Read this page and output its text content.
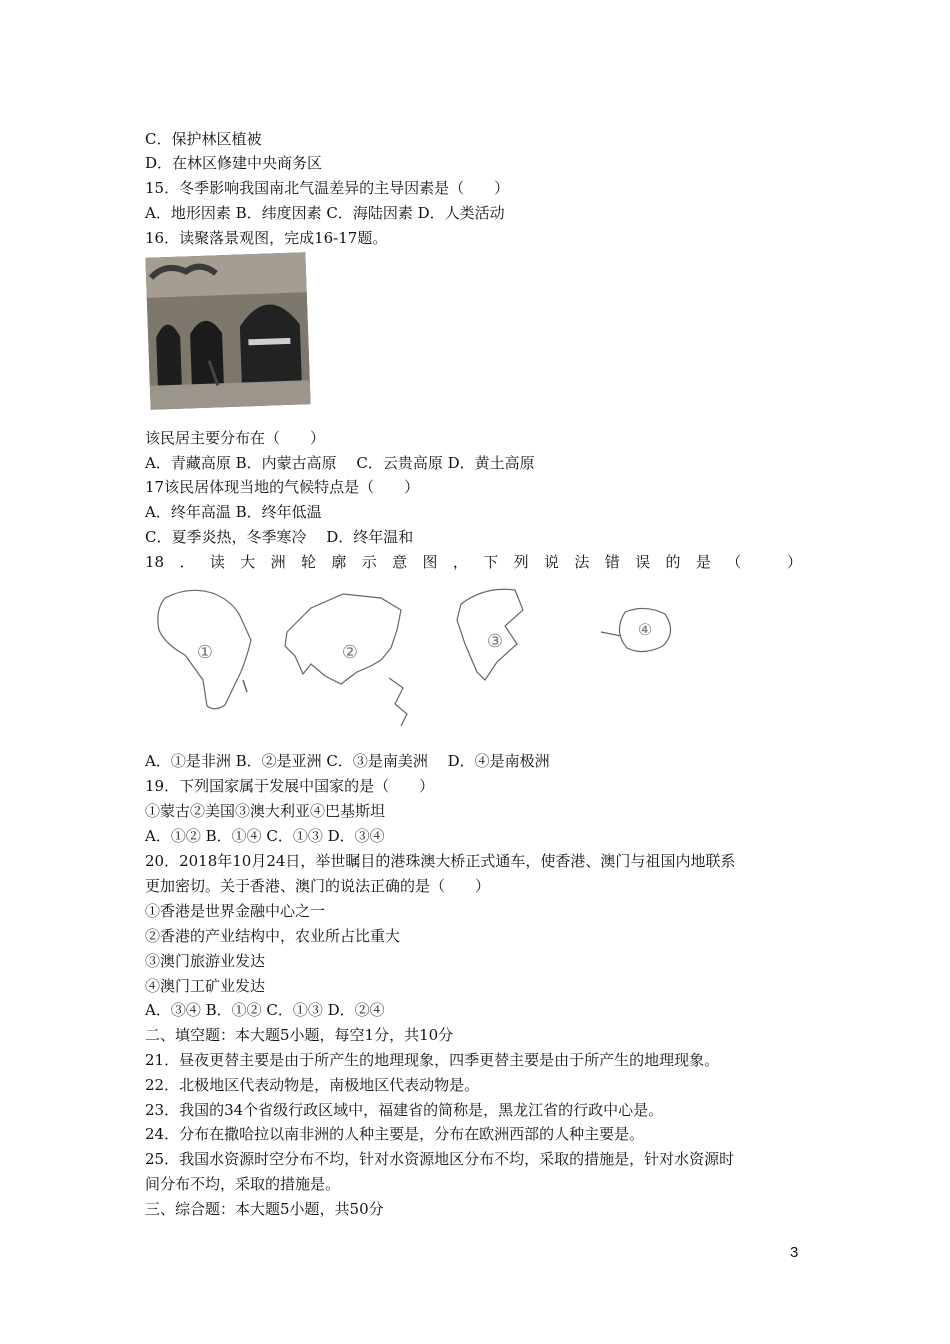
C．保护林区植被
D．在林区修建中央商务区
15．冬季影响我国南北气温差异的主导因素是（　　）
A．地形因素 B．纬度因素 C．海陆因素 D．人类活动
16．读聚落景观图，完成16-17题。
该民居主要分布在（　　）
A．青藏高原 B．内蒙古高原　 C．云贵高原 D．黄土高原
17该民居体现当地的气候特点是（　　）
A．终年高温 B．终年低温
C．夏季炎热，冬季寒冷　 D．终年温和
18 ． 读 大 洲 轮 廓 示 意 图 ， 下 列 说 法 错 误 的 是 （
　	）
①	②
③
④
A．①是非洲 B．②是亚洲 C．③是南美洲　 D．④是南极洲
19．下列国家属于发展中国家的是（　　）
①蒙古②美国③澳大利亚④巴基斯坦
A．①② B．①④ C．①③ D．③④
20．2018年10月24日，举世瞩目的港珠澳大桥正式通车，使香港、澳门与祖国内地联系
更加密切。关于香港、澳门的说法正确的是（　　）
①香港是世界金融中心之一
②香港的产业结构中，农业所占比重大
③澳门旅游业发达
④澳门工矿业发达
A．③④ B．①② C．①③ D．②④
二、填空题：本大题5小题，每空1分，共10分
21．昼夜更替主要是由于所产生的地理现象，四季更替主要是由于所产生的地理现象。
22．北极地区代表动物是，南极地区代表动物是。
23．我国的34个省级行政区域中，福建省的简称是，黑龙江省的行政中心是。
24．分布在撒哈拉以南非洲的人种主要是，分布在欧洲西部的人种主要是。
25．我国水资源时空分布不均，针对水资源地区分布不均，采取的措施是，针对水资源时
间分布不均，采取的措施是。
三、综合题：本大题5小题，共50分
3
